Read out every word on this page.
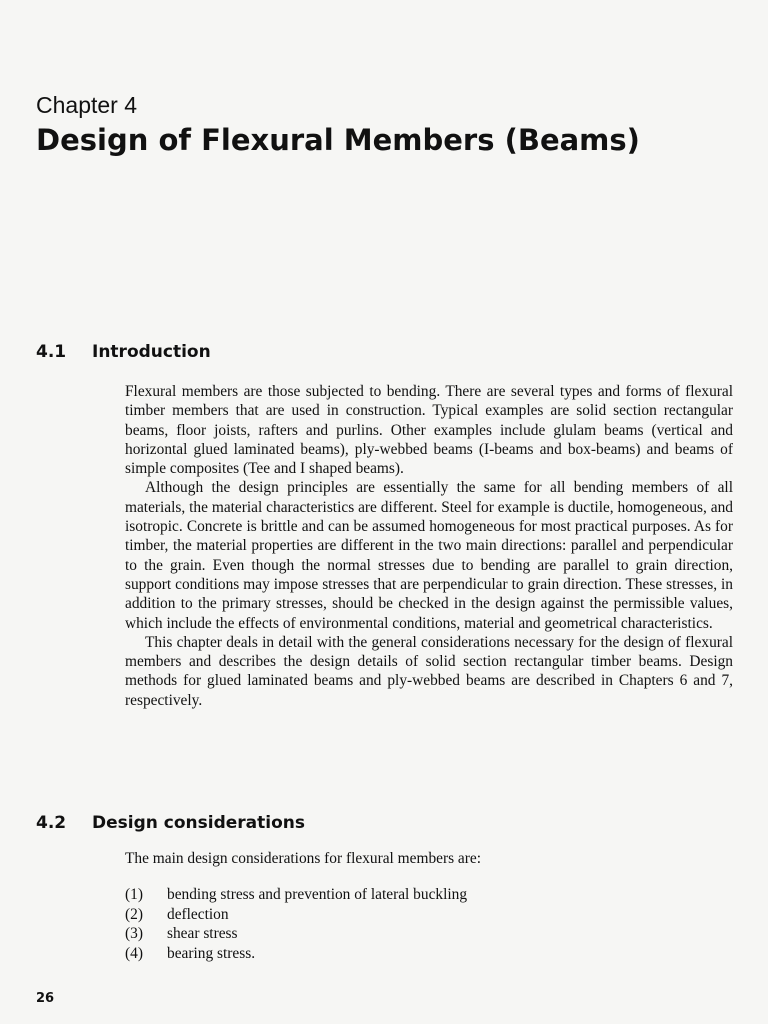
Chapter 4
Design of Flexural Members (Beams)
4.1	Introduction

Flexural members are those subjected to bending. There are several types and forms of flexural timber members that are used in construction. Typical examples are solid section rectangular beams, floor joists, rafters and purlins. Other examples include glulam beams (vertical and horizontal glued laminated beams), ply-webbed beams (I-beams and box-beams) and beams of simple composites (Tee and I shaped beams).

Although the design principles are essentially the same for all bending members of all materials, the material characteristics are different. Steel for example is ductile, homogeneous, and isotropic. Concrete is brittle and can be assumed homogeneous for most practical purposes. As for timber, the material properties are different in the two main directions: parallel and perpendicular to the grain. Even though the normal stresses due to bending are parallel to grain direction, support conditions may impose stresses that are perpendicular to grain direction. These stresses, in addition to the primary stresses, should be checked in the design against the permissible values, which include the effects of environmental conditions, material and geometrical characteristics.

This chapter deals in detail with the general considerations necessary for the design of flexural members and describes the design details of solid section rectangular timber beams. Design methods for glued laminated beams and ply-webbed beams are described in Chapters 6 and 7, respectively.

4.2	Design considerations
The main design considerations for flexural members are:
(1)	bending stress and prevention of lateral buckling
(2)	deflection
(3)	shear stress
(4)	bearing stress.
26
